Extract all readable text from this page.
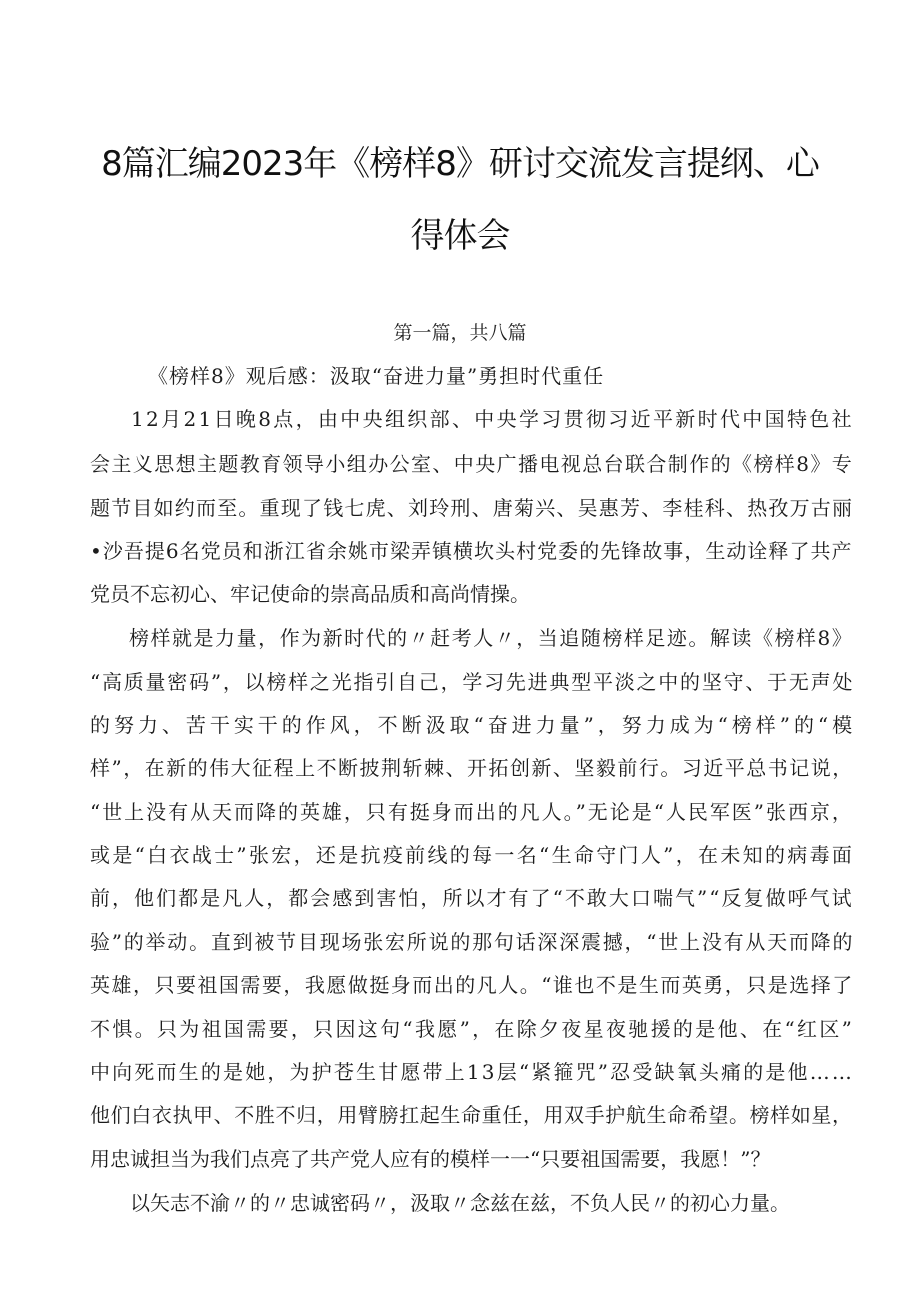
8篇汇编2023年《榜样8》研讨交流发言提纲、心
得体会
第一篇，共八篇
《榜样8》观后感：汲取“奋进力量”勇担时代重任
12月21日晚8点，由中央组织部、中央学习贯彻习近平新时代中国特色社
会主义思想主题教育领导小组办公室、中央广播电视总台联合制作的《榜样8》专
题节目如约而至。重现了钱七虎、刘玲刑、唐菊兴、吴惠芳、李桂科、热孜万古丽
•沙吾提6名党员和浙江省余姚市梁弄镇横坎头村党委的先锋故事，生动诠释了共产
党员不忘初心、牢记使命的崇高品质和高尚情操。
榜样就是力量，作为新时代的〃赶考人〃，当追随榜样足迹。解读《榜样8》
“高质量密码”，以榜样之光指引自己，学习先进典型平淡之中的坚守、于无声处
的努力、苦干实干的作风，不断汲取“奋进力量”，努力成为“榜样”的“模
样”，在新的伟大征程上不断披荆斩棘、开拓创新、坚毅前行。习近平总书记说，
“世上没有从天而降的英雄，只有挺身而出的凡人。”无论是“人民军医”张西京，
或是“白衣战士”张宏，还是抗疫前线的每一名“生命守门人”，在未知的病毒面
前，他们都是凡人，都会感到害怕，所以才有了“不敢大口喘气”“反复做呼气试
验”的举动。直到被节目现场张宏所说的那句话深深震撼，“世上没有从天而降的
英雄，只要祖国需要，我愿做挺身而出的凡人。“谁也不是生而英勇，只是选择了
不惧。只为祖国需要，只因这句“我愿”，在除夕夜星夜驰援的是他、在“红区”
中向死而生的是她，为护苍生甘愿带上13层“紧箍咒”忍受缺氧头痛的是他……
他们白衣执甲、不胜不归，用臂膀扛起生命重任，用双手护航生命希望。榜样如星，
用忠诚担当为我们点亮了共产党人应有的模样一一“只要祖国需要，我愿！”？
以矢志不渝〃的〃忠诚密码〃，汲取〃念兹在兹，不负人民〃的初心力量。
